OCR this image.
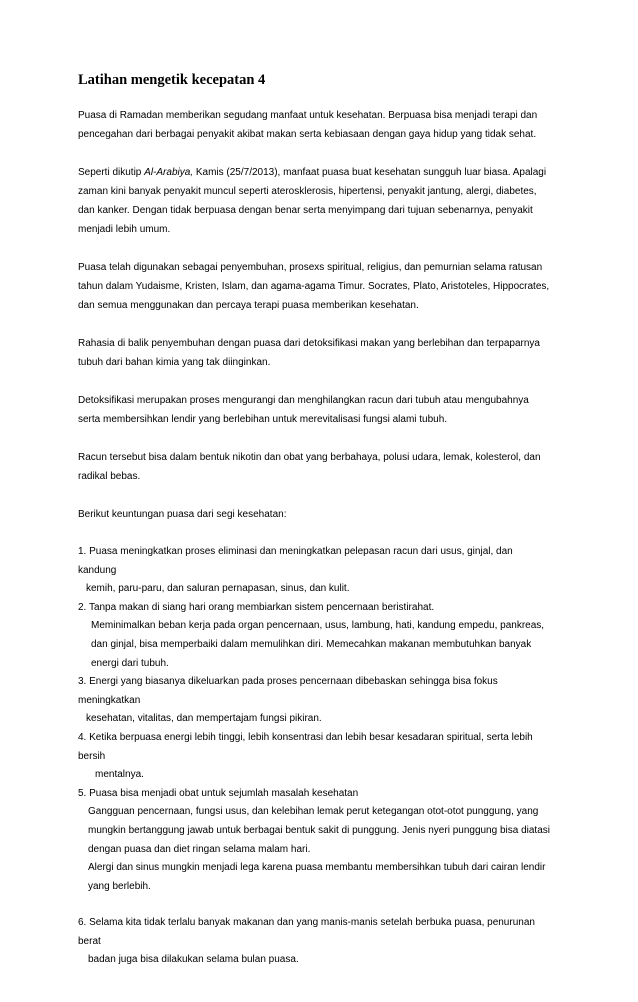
Latihan mengetik kecepatan 4
Puasa di Ramadan memberikan segudang manfaat untuk kesehatan. Berpuasa bisa menjadi terapi dan
pencegahan dari berbagai penyakit akibat makan serta kebiasaan dengan gaya hidup yang tidak sehat.
Seperti dikutip Al-Arabiya, Kamis (25/7/2013), manfaat puasa buat kesehatan sungguh luar biasa. Apalagi
zaman kini banyak penyakit muncul seperti aterosklerosis, hipertensi, penyakit jantung, alergi, diabetes,
dan kanker. Dengan tidak berpuasa dengan benar serta menyimpang dari tujuan sebenarnya, penyakit
menjadi lebih umum.
Puasa telah digunakan sebagai penyembuhan, prosexs spiritual, religius, dan pemurnian selama ratusan
tahun dalam Yudaisme, Kristen, Islam, dan agama-agama Timur. Socrates, Plato, Aristoteles, Hippocrates,
dan semua menggunakan dan percaya terapi puasa memberikan kesehatan.
Rahasia di balik penyembuhan dengan puasa dari detoksifikasi makan yang berlebihan dan terpaparnya
tubuh dari bahan kimia yang tak diinginkan.
Detoksifikasi merupakan proses mengurangi dan menghilangkan racun dari tubuh atau mengubahnya
serta membersihkan lendir yang berlebihan untuk merevitalisasi fungsi alami tubuh.
Racun tersebut bisa dalam bentuk nikotin dan obat yang berbahaya, polusi udara, lemak, kolesterol, dan
radikal bebas.
Berikut keuntungan puasa dari segi kesehatan:
1. Puasa meningkatkan proses eliminasi dan meningkatkan pelepasan racun dari usus, ginjal, dan
kandung
kemih, paru-paru, dan saluran pernapasan, sinus, dan kulit.
2. Tanpa makan di siang hari orang membiarkan sistem pencernaan beristirahat.
Meminimalkan beban kerja pada organ pencernaan, usus, lambung, hati, kandung empedu, pankreas,
dan ginjal, bisa memperbaiki dalam memulihkan diri. Memecahkan makanan membutuhkan banyak
energi dari tubuh.
3. Energi yang biasanya dikeluarkan pada proses pencernaan dibebaskan sehingga bisa fokus
meningkatkan
kesehatan, vitalitas, dan mempertajam fungsi pikiran.
4. Ketika berpuasa energi lebih tinggi, lebih konsentrasi dan lebih besar kesadaran spiritual, serta lebih
bersih
mentalnya.
5. Puasa bisa menjadi obat untuk sejumlah masalah kesehatan
Gangguan pencernaan, fungsi usus, dan kelebihan lemak perut ketegangan otot-otot punggung, yang
mungkin bertanggung jawab untuk berbagai bentuk sakit di punggung. Jenis nyeri punggung bisa diatasi
dengan puasa dan diet ringan selama malam hari.
Alergi dan sinus mungkin menjadi lega karena puasa membantu membersihkan tubuh dari cairan lendir
yang berlebih.
6. Selama kita tidak terlalu banyak makanan dan yang manis-manis setelah berbuka puasa, penurunan
berat
badan juga bisa dilakukan selama bulan puasa.
